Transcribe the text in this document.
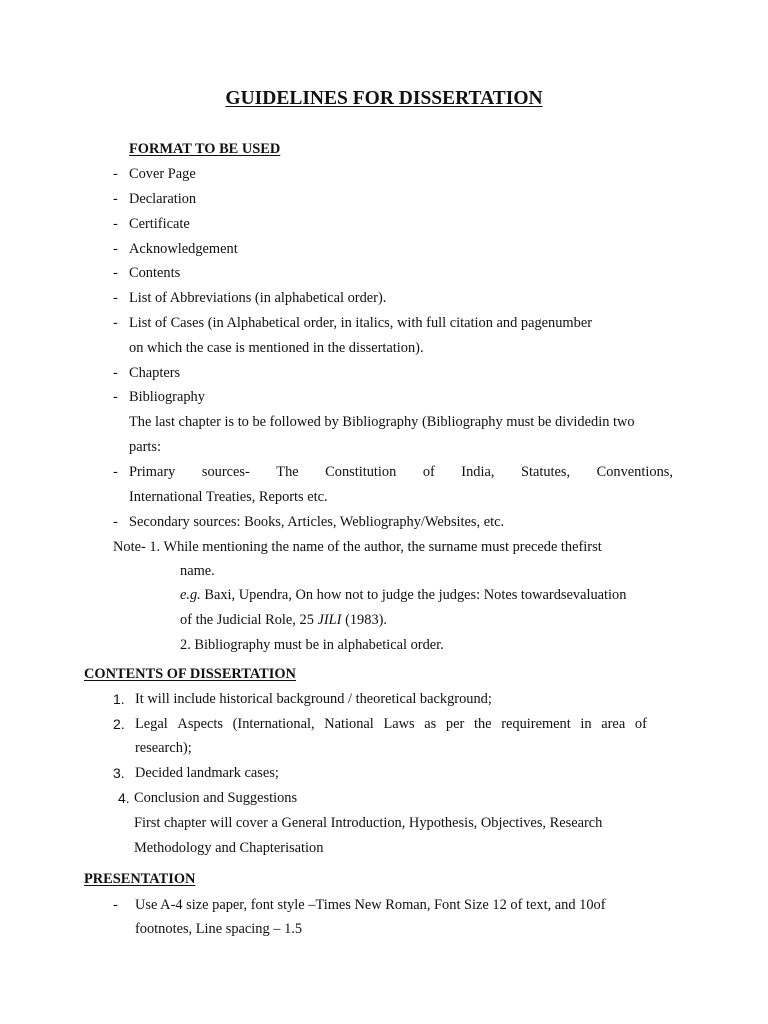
GUIDELINES FOR DISSERTATION
FORMAT TO BE USED
- Cover Page
- Declaration
- Certificate
- Acknowledgement
- Contents
- List of Abbreviations (in alphabetical order).
- List of Cases (in Alphabetical order, in italics, with full citation and pagenumber
on which the case is mentioned in the dissertation).
- Chapters
- Bibliography
The last chapter is to be followed by Bibliography (Bibliography must be dividedin two
parts:
- Primary sources- The Constitution of India, Statutes, Conventions,
International Treaties, Reports etc.
- Secondary sources: Books, Articles, Webliography/Websites, etc.
Note- 1. While mentioning the name of the author, the surname must precede thefirst
name.
e.g. Baxi, Upendra, On how not to judge the judges: Notes towardsevaluation
of the Judicial Role, 25 JILI (1983).
2. Bibliography must be in alphabetical order.
CONTENTS OF DISSERTATION
1. It will include historical background / theoretical background;
2. Legal Aspects (International, National Laws as per the requirement in area of
research);
3. Decided landmark cases;
4. Conclusion and Suggestions
First chapter will cover a General Introduction, Hypothesis, Objectives, Research
Methodology and Chapterisation
PRESENTATION
- Use A-4 size paper, font style –Times New Roman, Font Size 12 of text, and 10of
footnotes, Line spacing – 1.5
